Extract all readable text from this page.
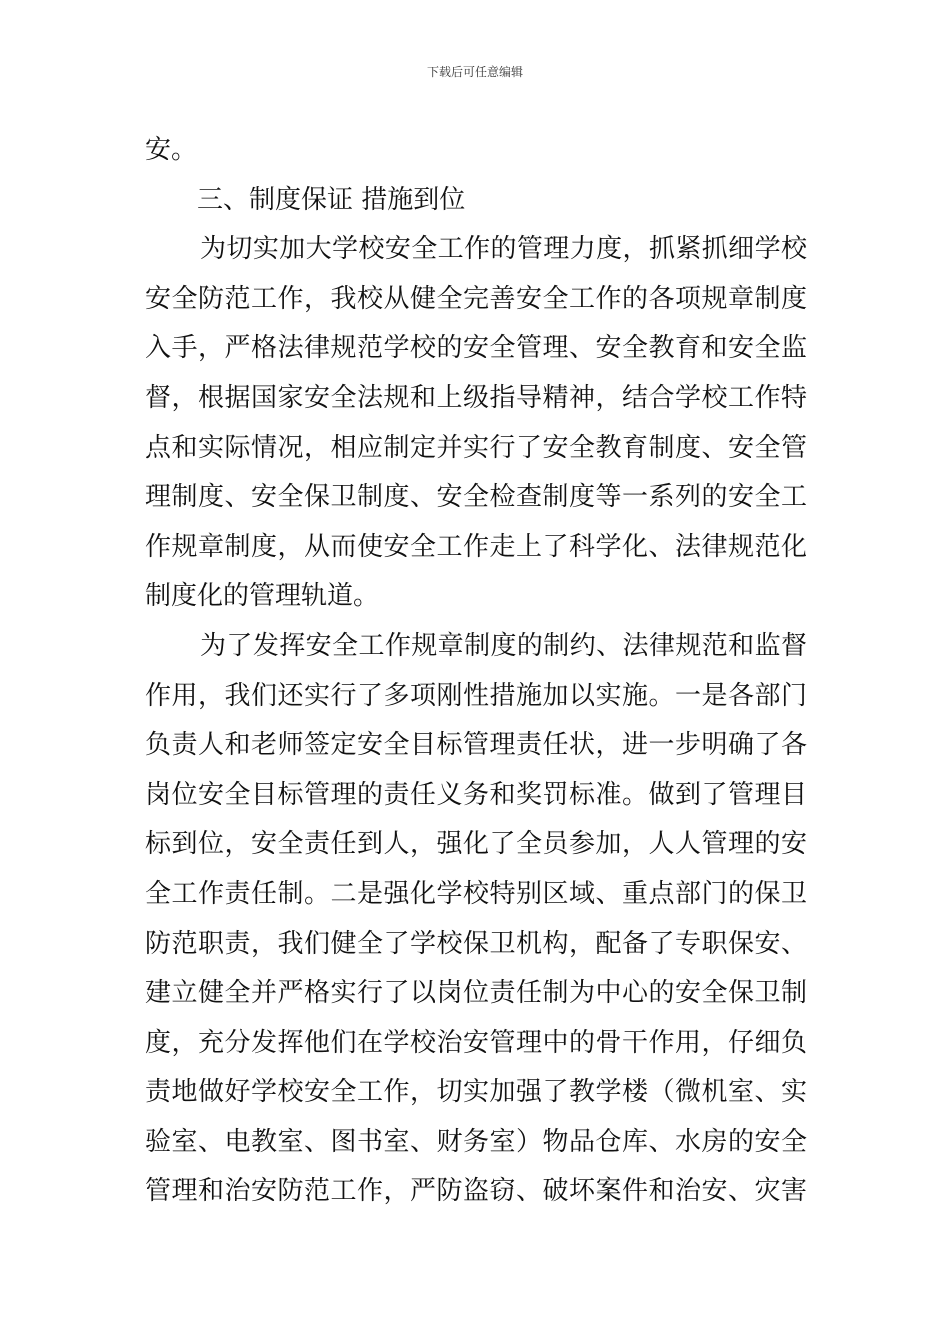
下载后可任意编辑
安。
三、制度保证 措施到位
为切实加大学校安全工作的管理力度，抓紧抓细学校
安全防范工作，我校从健全完善安全工作的各项规章制度
入手，严格法律规范学校的安全管理、安全教育和安全监
督，根据国家安全法规和上级指导精神，结合学校工作特
点和实际情况，相应制定并实行了安全教育制度、安全管
理制度、安全保卫制度、安全检查制度等一系列的安全工
作规章制度，从而使安全工作走上了科学化、法律规范化
制度化的管理轨道。
为了发挥安全工作规章制度的制约、法律规范和监督
作用，我们还实行了多项刚性措施加以实施。一是各部门
负责人和老师签定安全目标管理责任状，进一步明确了各
岗位安全目标管理的责任义务和奖罚标准。做到了管理目
标到位，安全责任到人，强化了全员参加，人人管理的安
全工作责任制。二是强化学校特别区域、重点部门的保卫
防范职责，我们健全了学校保卫机构，配备了专职保安、
建立健全并严格实行了以岗位责任制为中心的安全保卫制
度，充分发挥他们在学校治安管理中的骨干作用，仔细负
责地做好学校安全工作，切实加强了教学楼（微机室、实
验室、电教室、图书室、财务室）物品仓库、水房的安全
管理和治安防范工作，严防盗窃、破坏案件和治安、灾害
